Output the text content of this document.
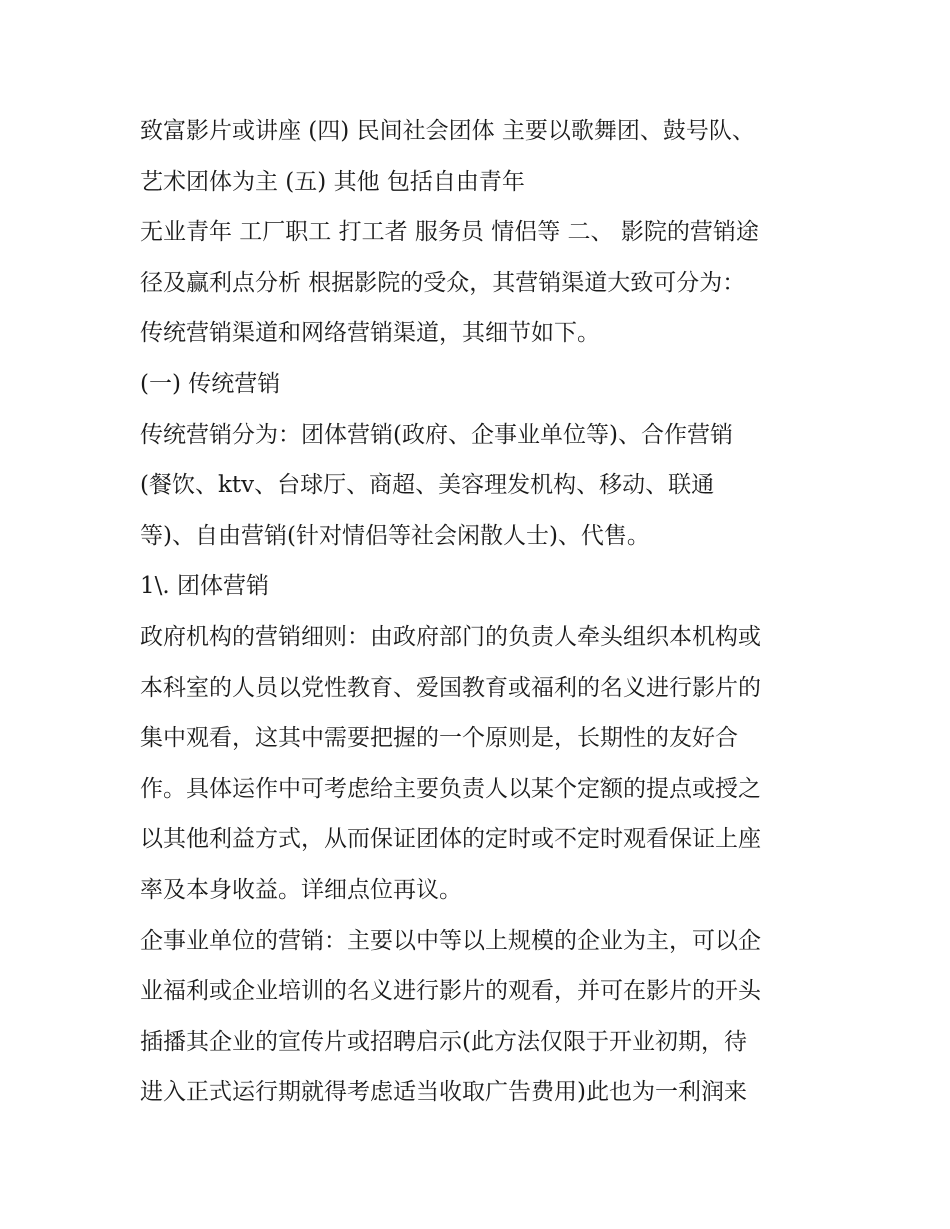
致富影片或讲座 (四) 民间社会团体 主要以歌舞团、鼓号队、

艺术团体为主 (五) 其他 包括自由青年

无业青年 工厂职工 打工者 服务员 情侣等 二、 影院的营销途

径及赢利点分析 根据影院的受众，其营销渠道大致可分为：

传统营销渠道和网络营销渠道，其细节如下。

(一) 传统营销

传统营销分为：团体营销(政府、企事业单位等)、合作营销

(餐饮、ktv、台球厅、商超、美容理发机构、移动、联通

等)、自由营销(针对情侣等社会闲散人士)、代售。

1\. 团体营销

政府机构的营销细则：由政府部门的负责人牵头组织本机构或

本科室的人员以党性教育、爱国教育或福利的名义进行影片的

集中观看，这其中需要把握的一个原则是，长期性的友好合

作。具体运作中可考虑给主要负责人以某个定额的提点或授之

以其他利益方式，从而保证团体的定时或不定时观看保证上座

率及本身收益。详细点位再议。

企事业单位的营销：主要以中等以上规模的企业为主，可以企

业福利或企业培训的名义进行影片的观看，并可在影片的开头

插播其企业的宣传片或招聘启示(此方法仅限于开业初期，待

进入正式运行期就得考虑适当收取广告费用)此也为一利润来
